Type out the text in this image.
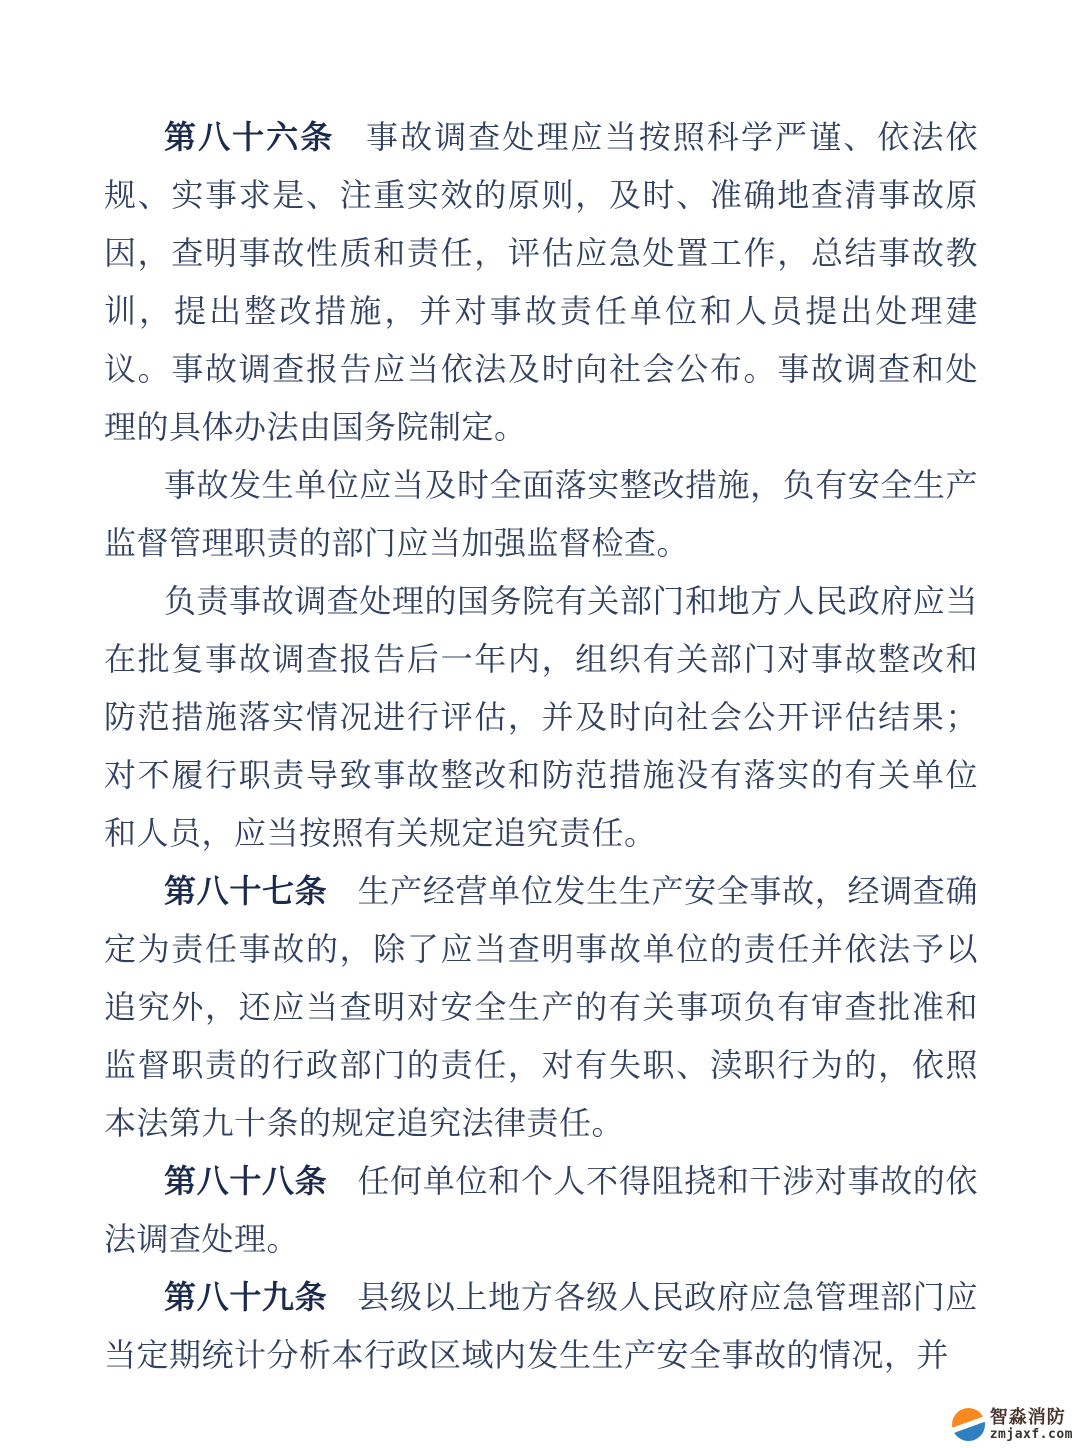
第八十六条 事故调查处理应当按照科学严谨、依法依规、实事求是、注重实效的原则，及时、准确地查清事故原因，查明事故性质和责任，评估应急处置工作，总结事故教训，提出整改措施，并对事故责任单位和人员提出处理建议。事故调查报告应当依法及时向社会公布。事故调查和处理的具体办法由国务院制定。

事故发生单位应当及时全面落实整改措施，负有安全生产监督管理职责的部门应当加强监督检查。

负责事故调查处理的国务院有关部门和地方人民政府应当在批复事故调查报告后一年内，组织有关部门对事故整改和防范措施落实情况进行评估，并及时向社会公开评估结果；对不履行职责导致事故整改和防范措施没有落实的有关单位和人员，应当按照有关规定追究责任。

第八十七条 生产经营单位发生生产安全事故，经调查确定为责任事故的，除了应当查明事故单位的责任并依法予以追究外，还应当查明对安全生产的有关事项负有审查批准和监督职责的行政部门的责任，对有失职、渎职行为的，依照本法第九十条的规定追究法律责任。

第八十八条 任何单位和个人不得阻挠和干涉对事故的依法调查处理。

第八十九条 县级以上地方各级人民政府应急管理部门应当定期统计分析本行政区域内发生生产安全事故的情况，并

智淼消防
zmjaxf.com
